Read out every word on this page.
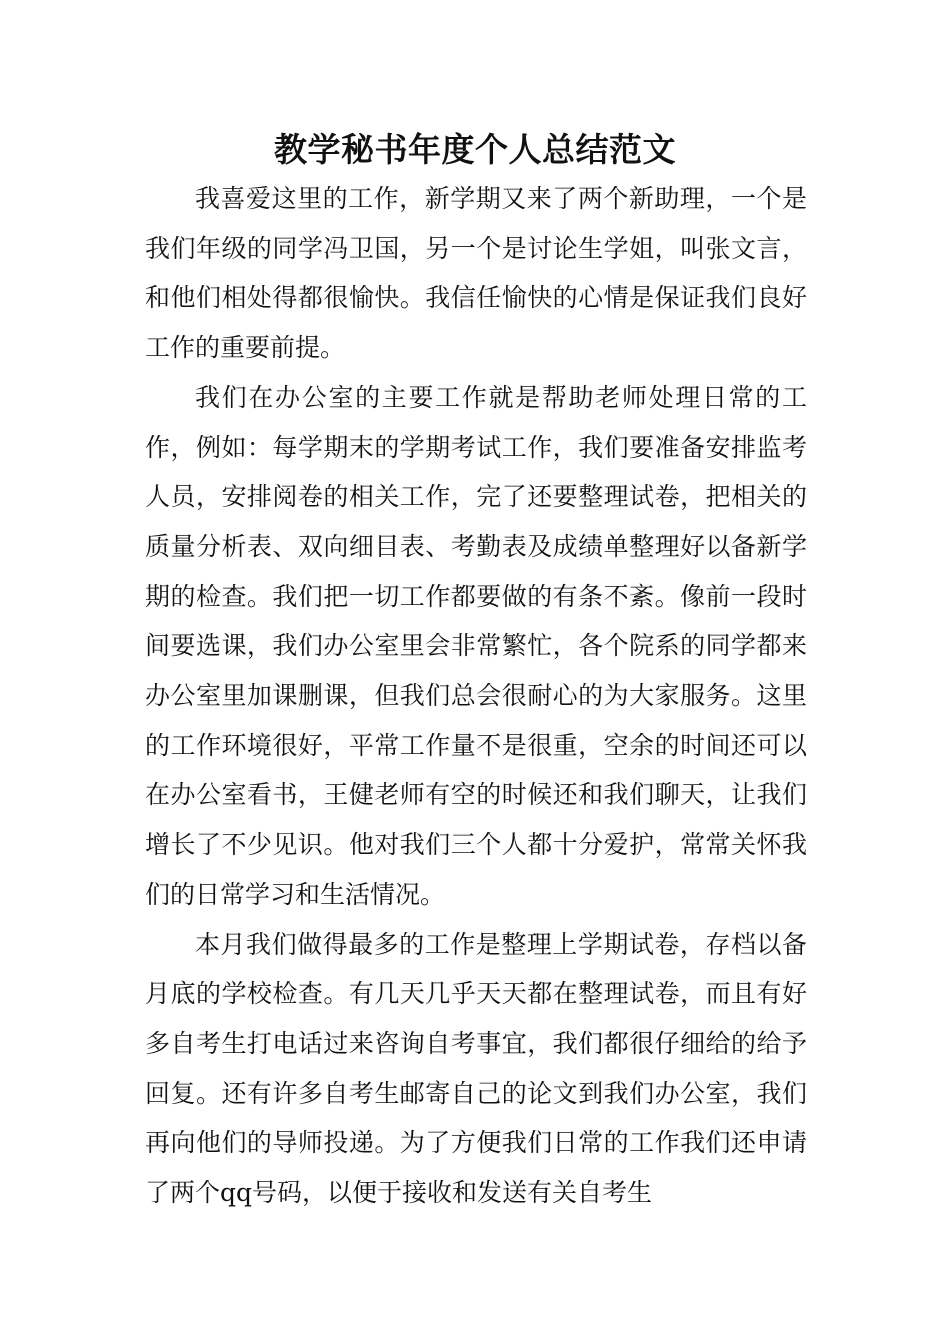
教学秘书年度个人总结范文

我喜爱这里的工作，新学期又来了两个新助理，一个是我们年级的同学冯卫国，另一个是讨论生学姐，叫张文言，和他们相处得都很愉快。我信任愉快的心情是保证我们良好工作的重要前提。

我们在办公室的主要工作就是帮助老师处理日常的工作，例如：每学期末的学期考试工作，我们要准备安排监考人员，安排阅卷的相关工作，完了还要整理试卷，把相关的质量分析表、双向细目表、考勤表及成绩单整理好以备新学期的检查。我们把一切工作都要做的有条不紊。像前一段时间要选课，我们办公室里会非常繁忙，各个院系的同学都来办公室里加课删课，但我们总会很耐心的为大家服务。这里的工作环境很好，平常工作量不是很重，空余的时间还可以在办公室看书，王健老师有空的时候还和我们聊天，让我们增长了不少见识。他对我们三个人都十分爱护，常常关怀我们的日常学习和生活情况。

本月我们做得最多的工作是整理上学期试卷，存档以备月底的学校检查。有几天几乎天天都在整理试卷，而且有好多自考生打电话过来咨询自考事宜，我们都很仔细给的给予回复。还有许多自考生邮寄自己的论文到我们办公室，我们再向他们的导师投递。为了方便我们日常的工作我们还申请了两个qq号码，以便于接收和发送有关自考生
